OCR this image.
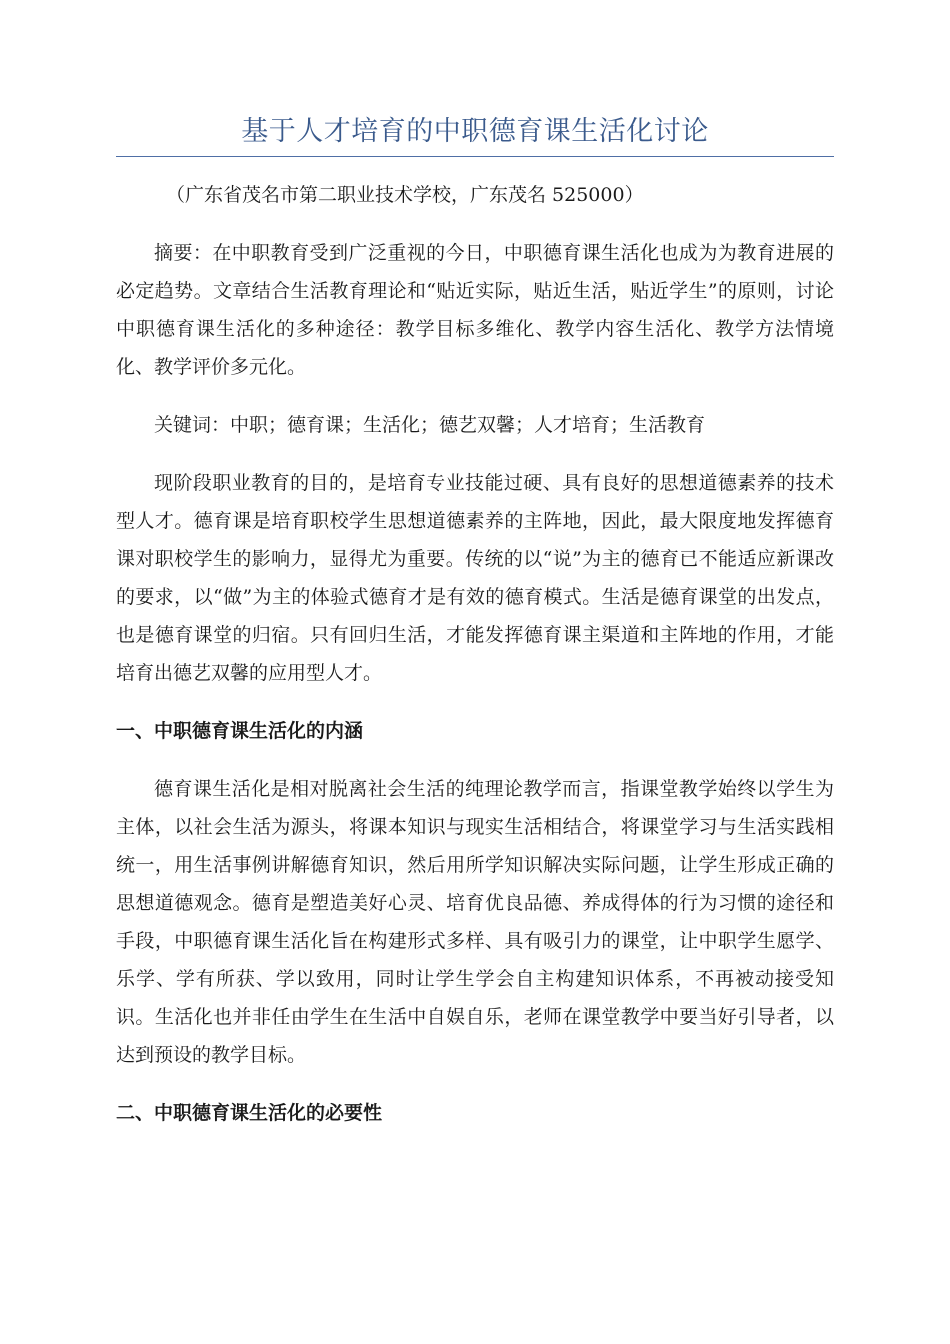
基于人才培育的中职德育课生活化讨论

（广东省茂名市第二职业技术学校，广东茂名 525000）

摘要：在中职教育受到广泛重视的今日，中职德育课生活化也成为为教育进展的必定趋势。文章结合生活教育理论和“贴近实际，贴近生活，贴近学生”的原则，讨论中职德育课生活化的多种途径：教学目标多维化、教学内容生活化、教学方法情境化、教学评价多元化。

关键词：中职；德育课；生活化；德艺双馨；人才培育；生活教育

现阶段职业教育的目的，是培育专业技能过硬、具有良好的思想道德素养的技术型人才。德育课是培育职校学生思想道德素养的主阵地，因此，最大限度地发挥德育课对职校学生的影响力，显得尤为重要。传统的以“说”为主的德育已不能适应新课改的要求，以“做”为主的体验式德育才是有效的德育模式。生活是德育课堂的出发点，也是德育课堂的归宿。只有回归生活，才能发挥德育课主渠道和主阵地的作用，才能培育出德艺双馨的应用型人才。

一、中职德育课生活化的内涵

德育课生活化是相对脱离社会生活的纯理论教学而言，指课堂教学始终以学生为主体，以社会生活为源头，将课本知识与现实生活相结合，将课堂学习与生活实践相统一，用生活事例讲解德育知识，然后用所学知识解决实际问题，让学生形成正确的思想道德观念。德育是塑造美好心灵、培育优良品德、养成得体的行为习惯的途径和手段，中职德育课生活化旨在构建形式多样、具有吸引力的课堂，让中职学生愿学、乐学、学有所获、学以致用，同时让学生学会自主构建知识体系，不再被动接受知识。生活化也并非任由学生在生活中自娱自乐，老师在课堂教学中要当好引导者，以达到预设的教学目标。

二、中职德育课生活化的必要性
